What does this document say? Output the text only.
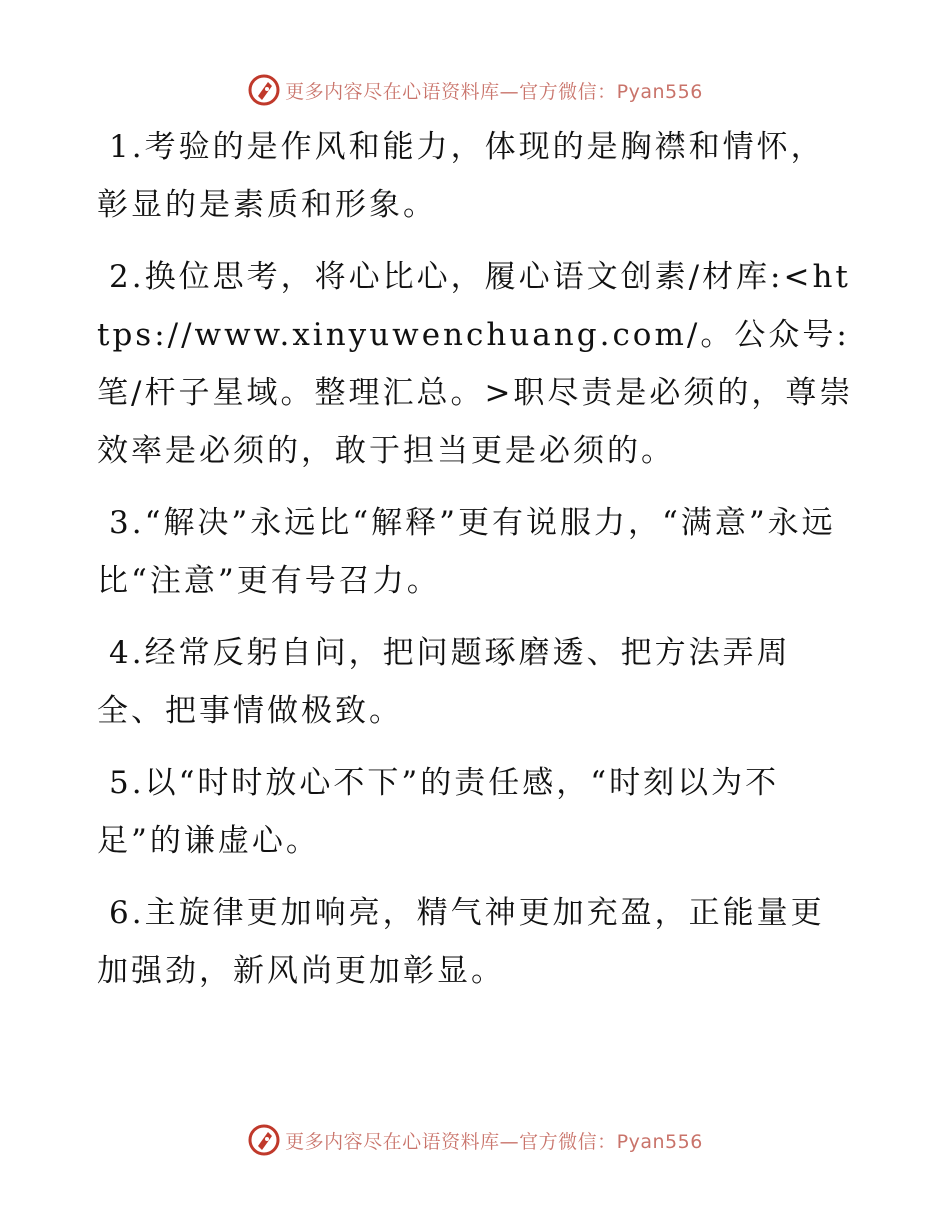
更多内容尽在心语资料库—官方微信：Pyan556

1.考验的是作风和能力，体现的是胸襟和情怀，彰显的是素质和形象。

2.换位思考，将心比心，履心语文创素/材库:<https://www.xinyuwenchuang.com/。公众号:笔/杆子星域。整理汇总。>职尽责是必须的，尊崇效率是必须的，敢于担当更是必须的。

3.“解决”永远比“解释”更有说服力，“满意”永远比“注意”更有号召力。

4.经常反躬自问，把问题琢磨透、把方法弄周全、把事情做极致。

5.以“时时放心不下”的责任感，“时刻以为不足”的谦虚心。

6.主旋律更加响亮，精气神更加充盈，正能量更加强劲，新风尚更加彰显。

更多内容尽在心语资料库—官方微信：Pyan556
